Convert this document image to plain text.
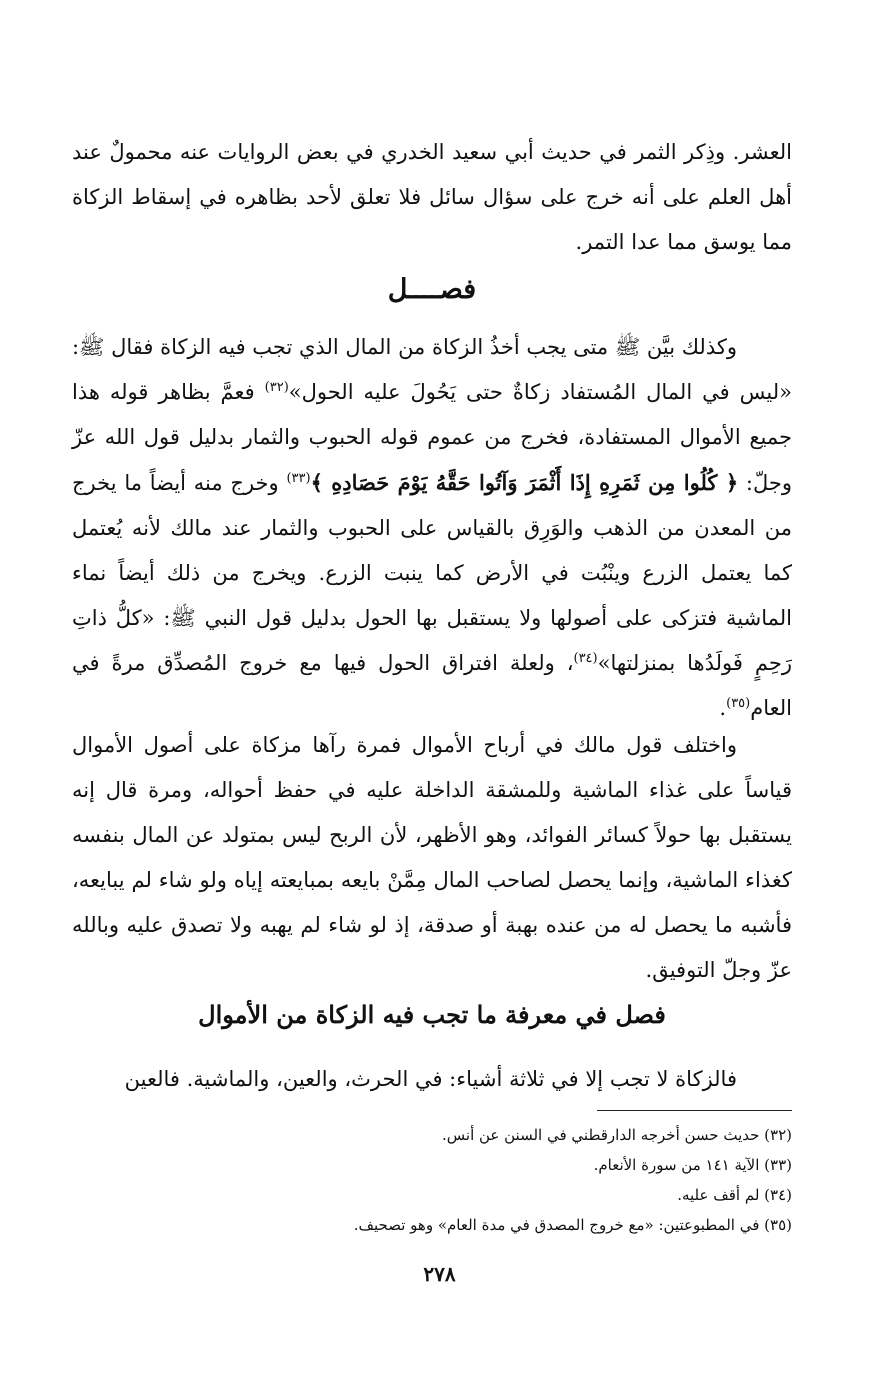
العشر. وذِكر الثمر في حديث أبي سعيد الخدري في بعض الروايات عنه محمولٌ عند أهل العلم على أنه خرج على سؤال سائل فلا تعلق لأحد بظاهره في إسقاط الزكاة مما يوسق مما عدا التمر.

فصــــل

وكذلك بيَّن ﷺ متى يجب أخذُ الزكاة من المال الذي تجب فيه الزكاة فقال ﷺ: «ليس في المال المُستفاد زكاةٌ حتى يَحُولَ عليه الحول»$^{(٣٢)}$ فعمَّ بظاهر قوله هذا جميع الأموال المستفادة، فخرج من عموم قوله الحبوب والثمار بدليل قول الله عزّ وجلّ: ﴿ كُلُوا مِن ثَمَرِهِ إِذَا أَثْمَرَ وَآتُوا حَقَّهُ يَوْمَ حَصَادِهِ ﴾$^{(٣٣)}$ وخرج منه أيضاً ما يخرج من المعدن من الذهب والوَرِق بالقياس على الحبوب والثمار عند مالك لأنه يُعتمل كما يعتمل الزرع وينْبُت في الأرض كما ينبت الزرع. ويخرج من ذلك أيضاً نماء الماشية فتزكى على أصولها ولا يستقبل بها الحول بدليل قول النبي ﷺ: «كلُّ ذاتِ رَحِمٍ فَولَدُها بمنزلتها»$^{(٣٤)}$، ولعلة افتراق الحول فيها مع خروج المُصدِّق مرةً في العام$^{(٣٥)}$.

واختلف قول مالك في أرباح الأموال فمرة رآها مزكاة على أصول الأموال قياساً على غذاء الماشية وللمشقة الداخلة عليه في حفظ أحواله، ومرة قال إنه يستقبل بها حولاً كسائر الفوائد، وهو الأظهر، لأن الربح ليس بمتولد عن المال بنفسه كغذاء الماشية، وإنما يحصل لصاحب المال مِمَّنْ بايعه بمبايعته إياه ولو شاء لم يبايعه، فأشبه ما يحصل له من عنده بهبة أو صدقة، إذ لو شاء لم يهبه ولا تصدق عليه وبالله عزّ وجلّ التوفيق.

فصل في معرفة ما تجب فيه الزكاة من الأموال

فالزكاة لا تجب إلا في ثلاثة أشياء: في الحرث، والعين، والماشية. فالعين

(٣٢) حديث حسن أخرجه الدارقطني في السنن عن أنس.
(٣٣) الآية ١٤١ من سورة الأنعام.
(٣٤) لم أقف عليه.
(٣٥) في المطبوعتين: «مع خروج المصدق في مدة العام» وهو تصحيف.
٢٧٨
